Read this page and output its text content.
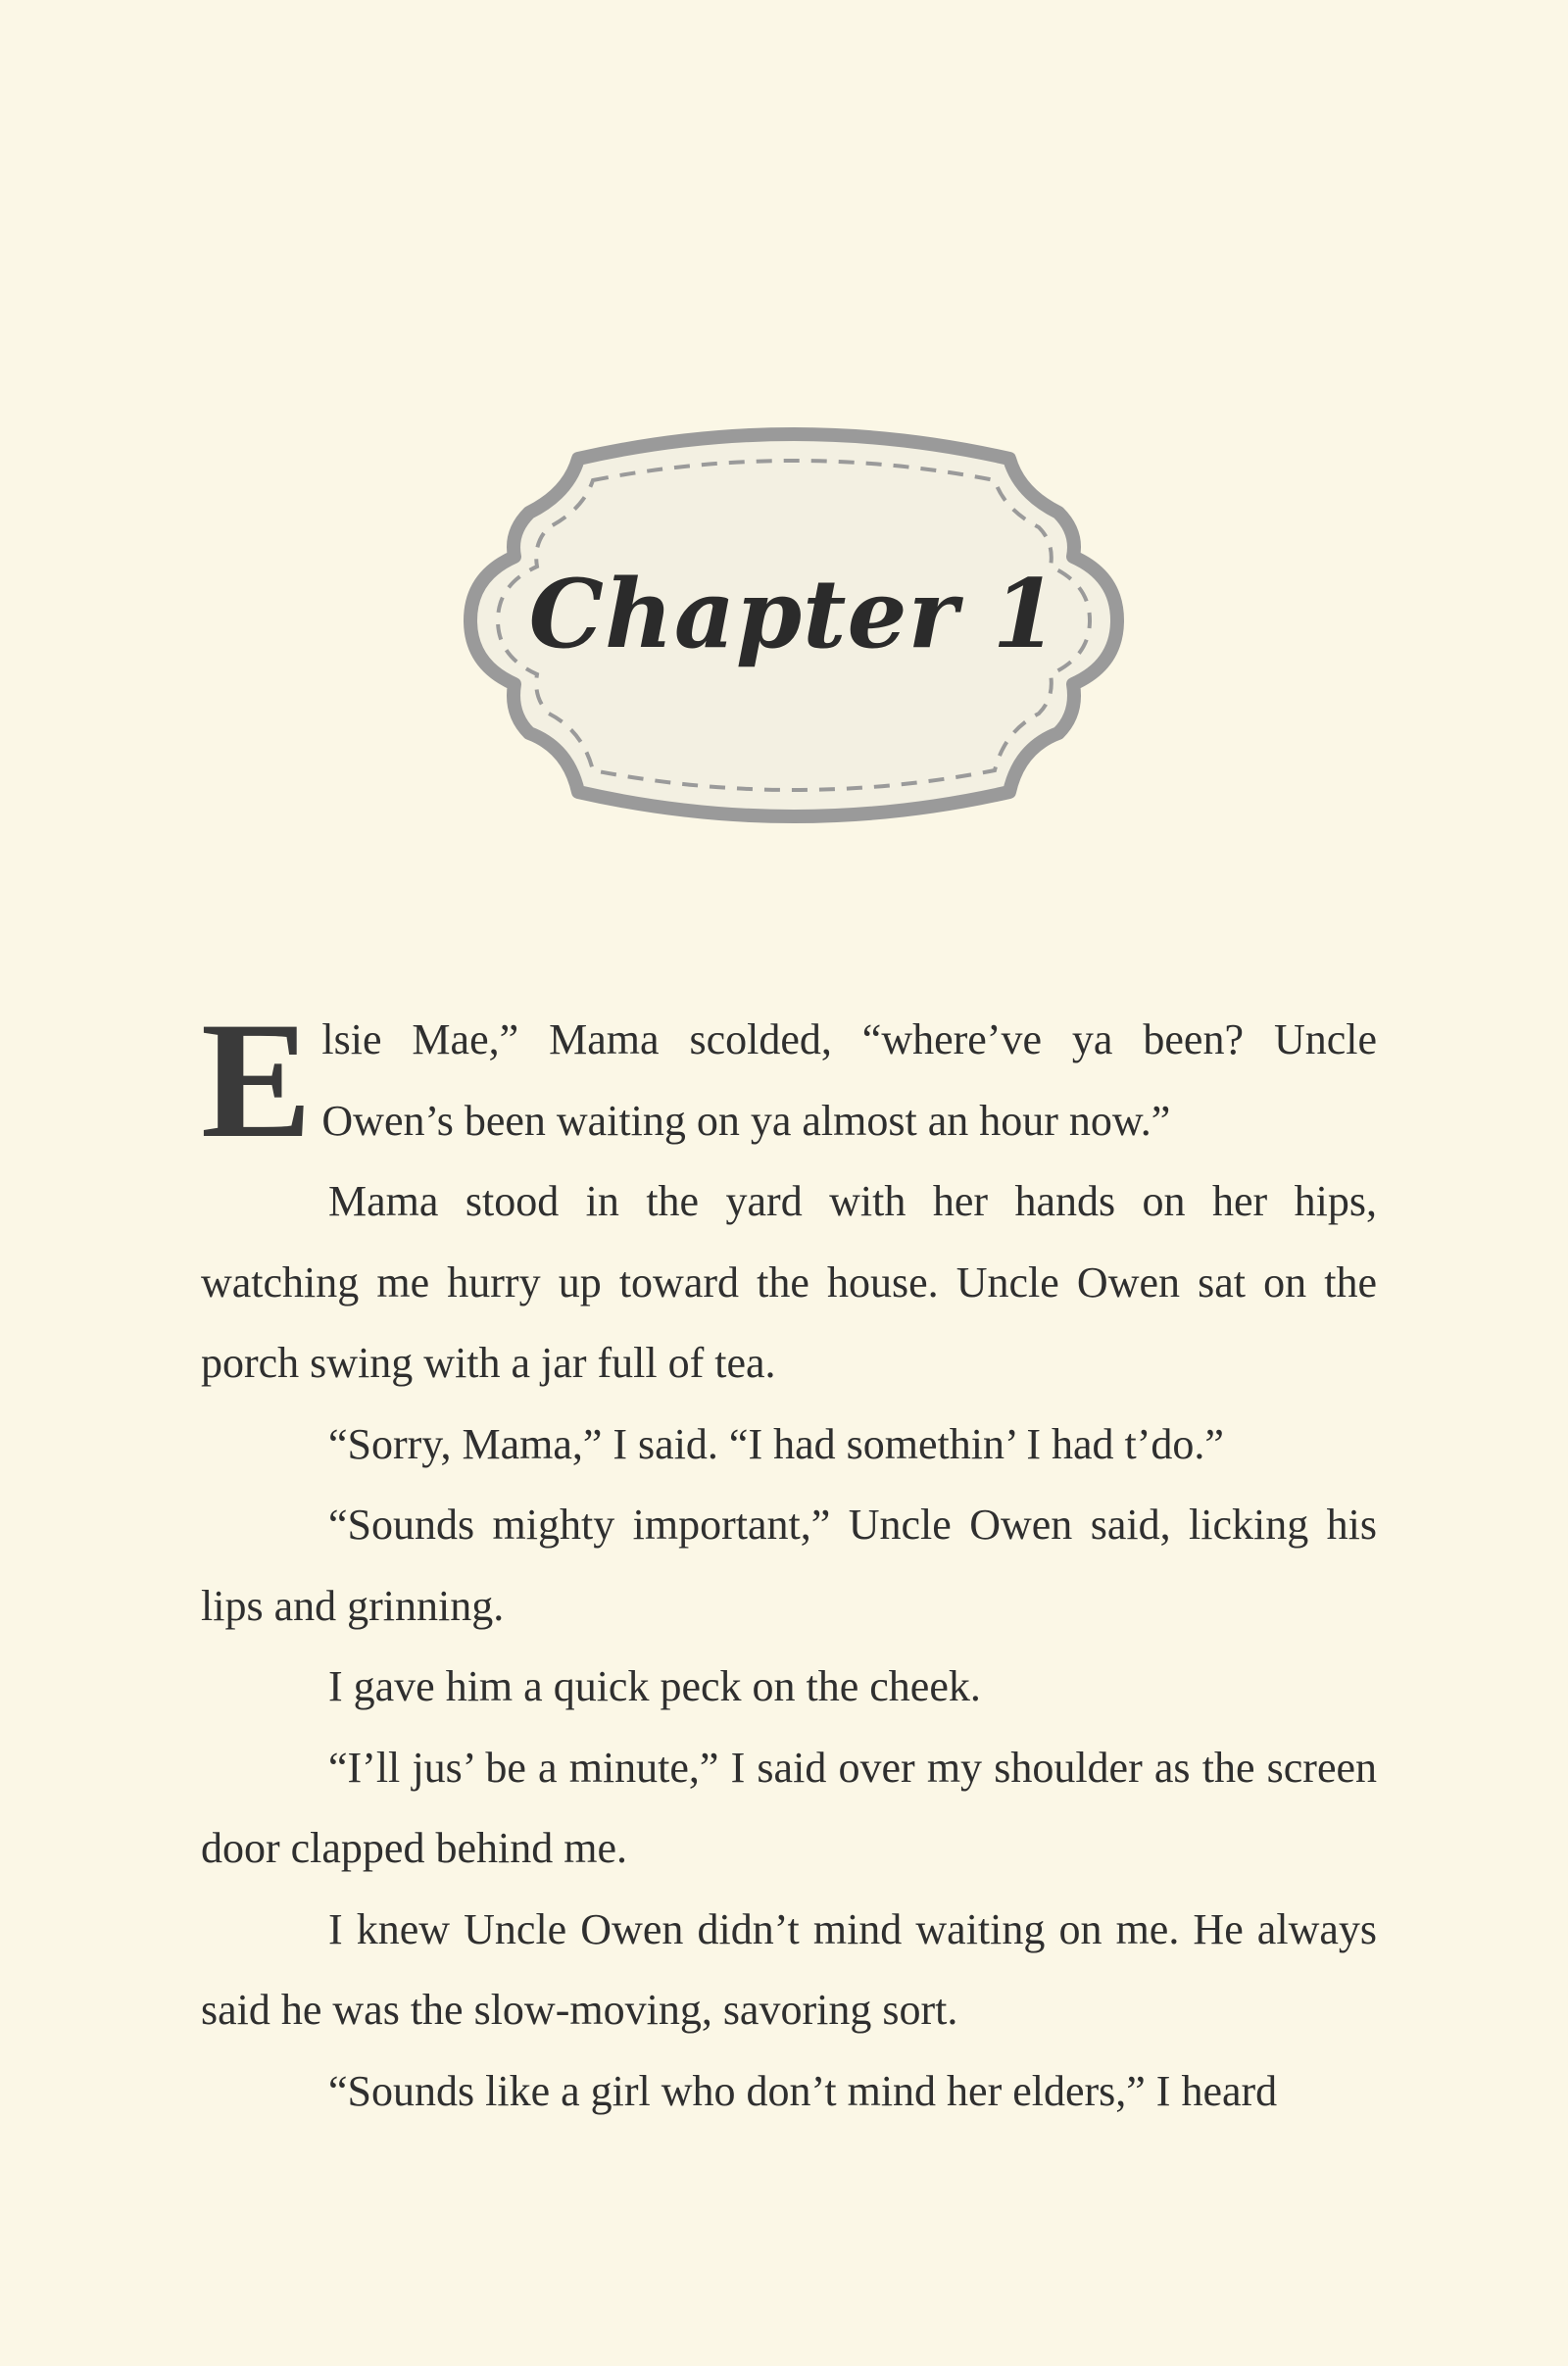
Chapter 1

Elsie Mae,” Mama scolded, “where’ve ya been? Uncle Owen’s been waiting on ya almost an hour now.”

Mama stood in the yard with her hands on her hips, watching me hurry up toward the house. Uncle Owen sat on the porch swing with a jar full of tea.

“Sorry, Mama,” I said. “I had somethin’ I had t’do.”

“Sounds mighty important,” Uncle Owen said, licking his lips and grinning.

I gave him a quick peck on the cheek.

“I’ll jus’ be a minute,” I said over my shoulder as the screen door clapped behind me.

I knew Uncle Owen didn’t mind waiting on me. He always said he was the slow-moving, savoring sort.

“Sounds like a girl who don’t mind her elders,” I heard
